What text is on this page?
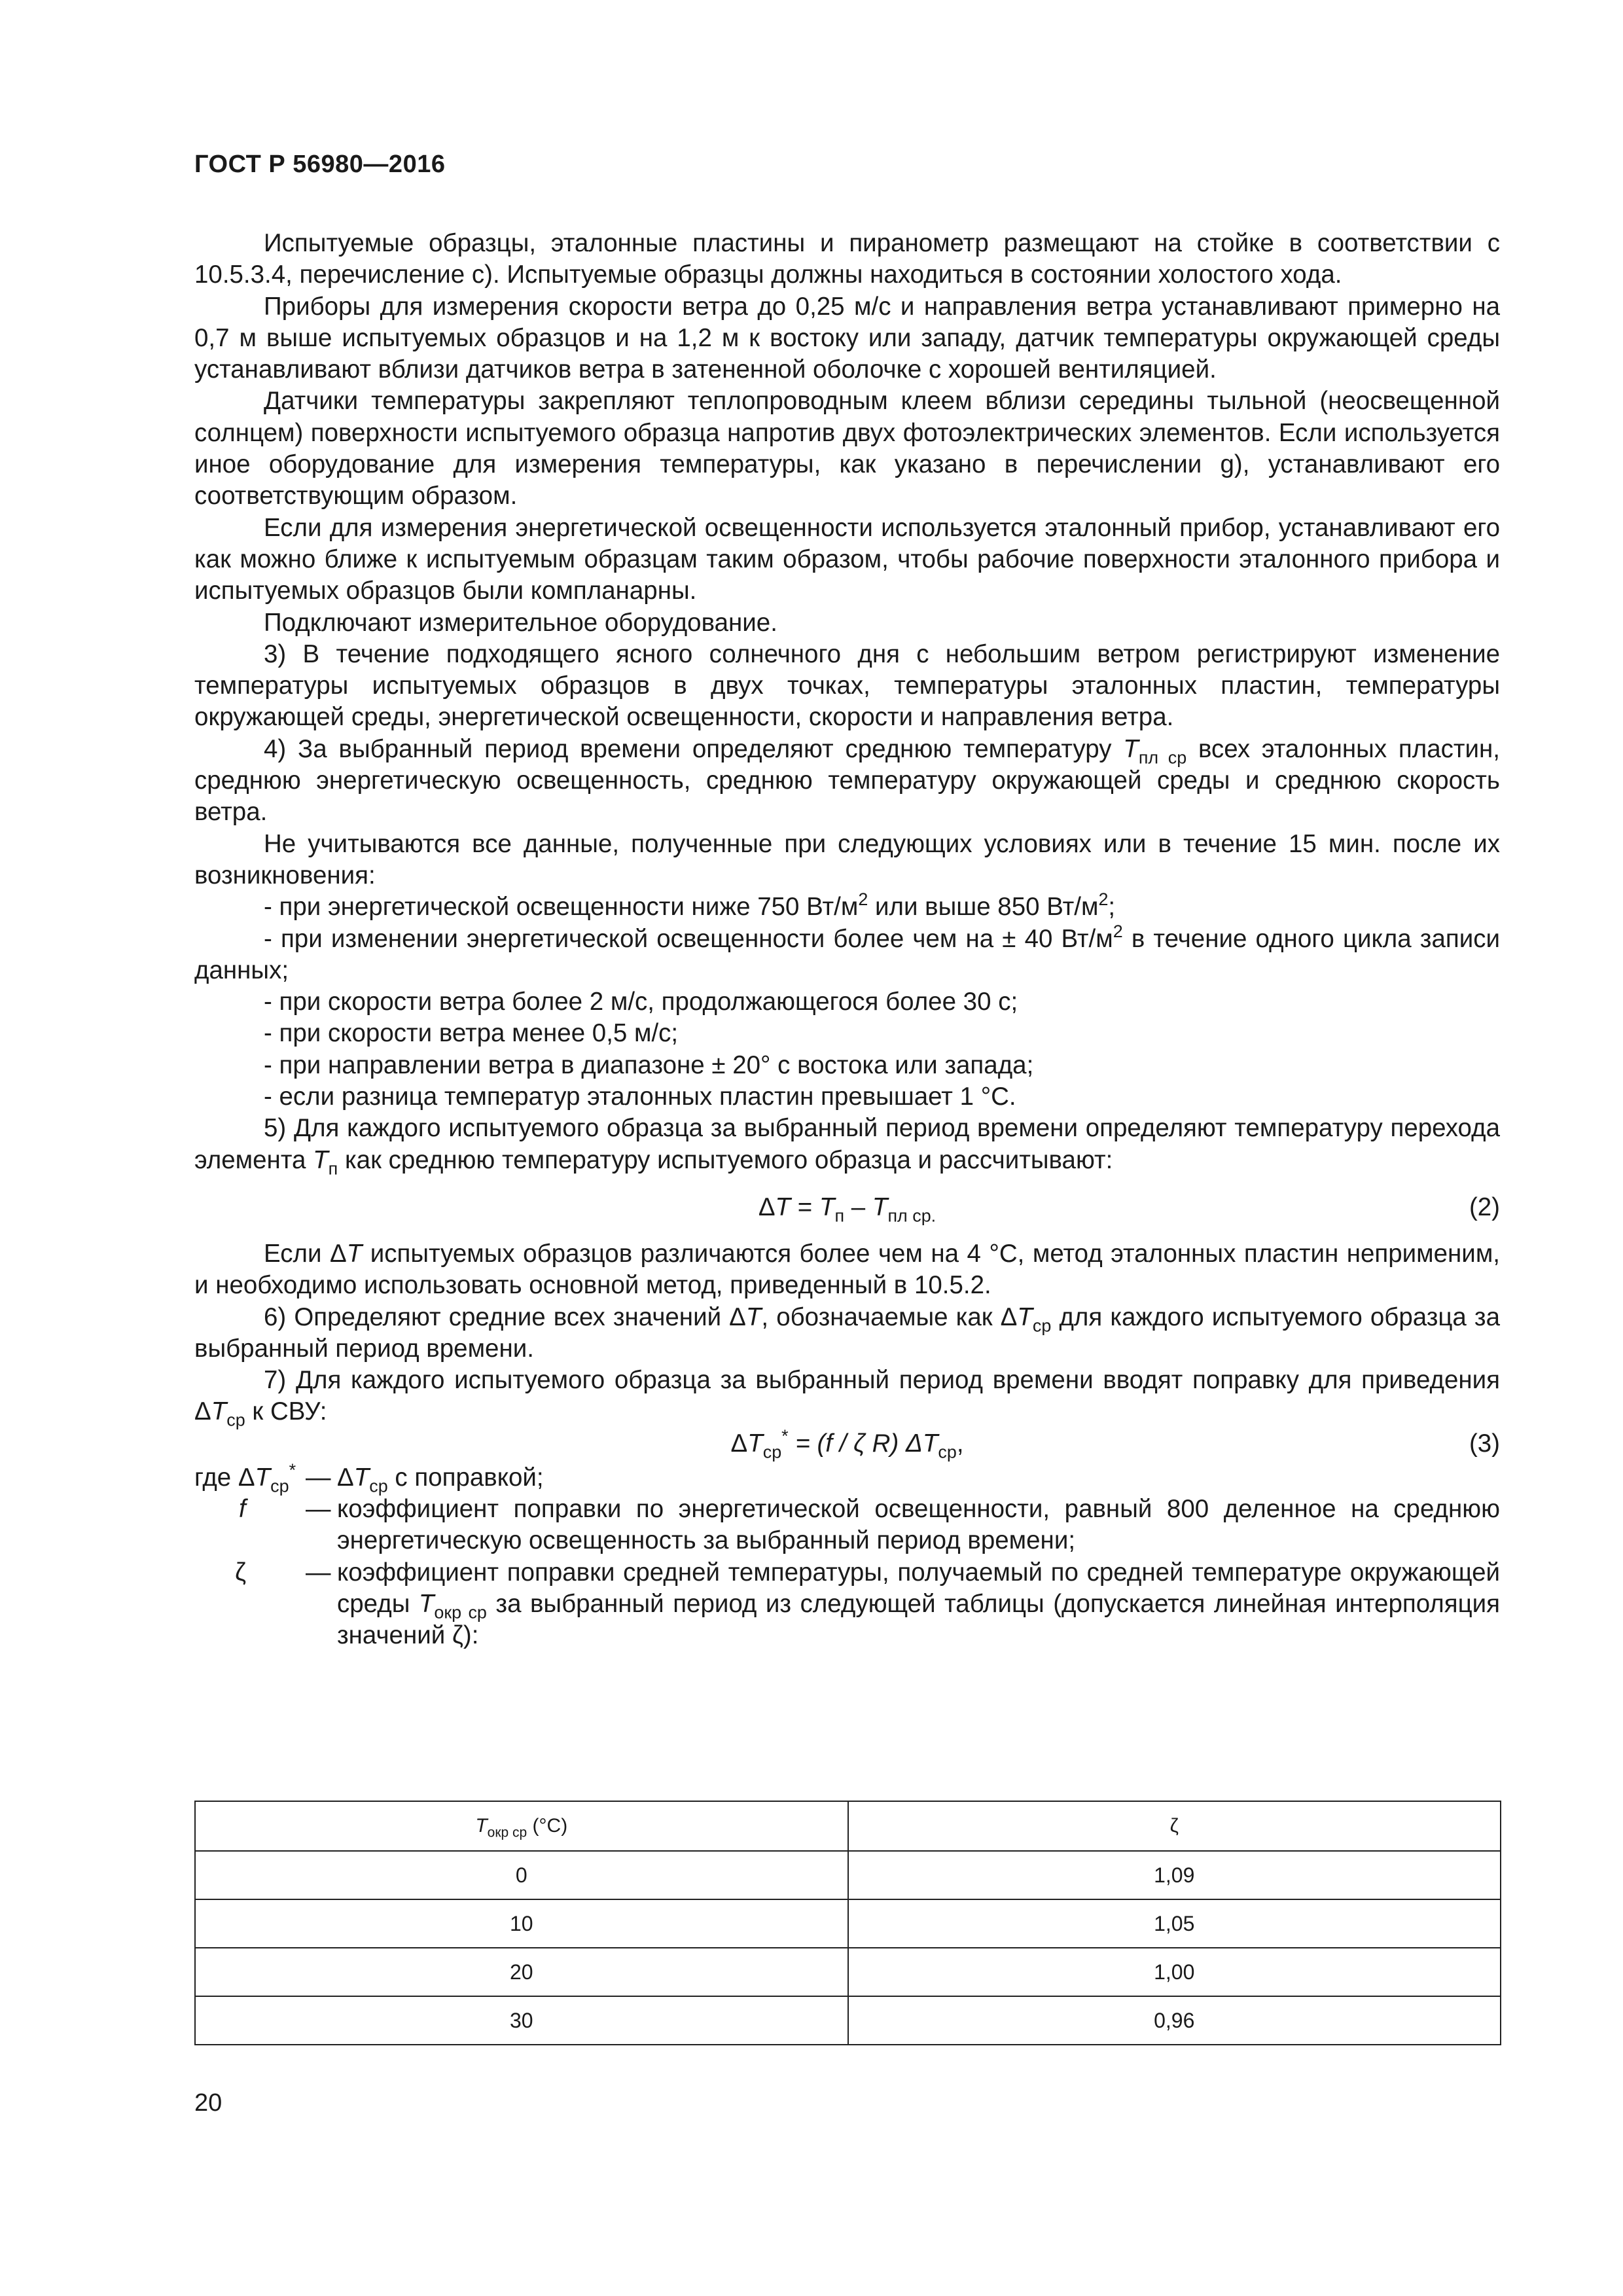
ГОСТ Р 56980—2016

Испытуемые образцы, эталонные пластины и пиранометр размещают на стойке в соответствии с 10.5.3.4, перечисление с). Испытуемые образцы должны находиться в состоянии холостого хода.

Приборы для измерения скорости ветра до 0,25 м/с и направления ветра устанавливают примерно на 0,7 м выше испытуемых образцов и на 1,2 м к востоку или западу, датчик температуры окружающей среды устанавливают вблизи датчиков ветра в затененной оболочке с хорошей вентиляцией.

Датчики температуры закрепляют теплопроводным клеем вблизи середины тыльной (неосвещенной солнцем) поверхности испытуемого образца напротив двух фотоэлектрических элементов. Если используется иное оборудование для измерения температуры, как указано в перечислении g), устанавливают его соответствующим образом.

Если для измерения энергетической освещенности используется эталонный прибор, устанавливают его как можно ближе к испытуемым образцам таким образом, чтобы рабочие поверхности эталонного прибора и испытуемых образцов были компланарны.

Подключают измерительное оборудование.

3) В течение подходящего ясного солнечного дня с небольшим ветром регистрируют изменение температуры испытуемых образцов в двух точках, температуры эталонных пластин, температуры окружающей среды, энергетической освещенности, скорости и направления ветра.

4) За выбранный период времени определяют среднюю температуру $T_{пл ср}$ всех эталонных пластин, среднюю энергетическую освещенность, среднюю температуру окружающей среды и среднюю скорость ветра.

Не учитываются все данные, полученные при следующих условиях или в течение 15 мин. после их возникновения:

- при энергетической освещенности ниже 750 $Вт/м^2$ или выше 850 $Вт/м^2$;

- при изменении энергетической освещенности более чем на ± 40 $Вт/м^2$ в течение одного цикла записи данных;

- при скорости ветра более 2 м/с, продолжающегося более 30 с;

- при скорости ветра менее 0,5 м/с;

- при направлении ветра в диапазоне ± 20° с востока или запада;

- если разница температур эталонных пластин превышает 1 °С.

5) Для каждого испытуемого образца за выбранный период времени определяют температуру перехода элемента $T_п$ как среднюю температуру испытуемого образца и рассчитывают:

$\Delta T = T_п - T_{пл ср.}$	(2)

Если ΔT испытуемых образцов различаются более чем на 4 °С, метод эталонных пластин неприменим, и необходимо использовать основной метод, приведенный в 10.5.2.

6) Определяют средние всех значений ΔT, обозначаемые как $\Delta T_{ср}$ для каждого испытуемого образца за выбранный период времени.

7) Для каждого испытуемого образца за выбранный период времени вводят поправку для приведения $\Delta T_{ср}$ к СВУ:

$\Delta T_{ср}^* = (f / \zeta$ R) $\Delta T_{ср}$,	(3)
где $\Delta T_{ср}^*$ — $\Delta T_{ср}$ с поправкой;
f	— коэффициент поправки по энергетической освещенности, равный 800 деленное на среднюю энергетическую освещенность за выбранный период времени;
ζ	— коэффициент поправки средней температуры, получаемый по средней температуре окружающей среды $T_{окр ср}$ за выбранный период из следующей таблицы (допускается линейная интерполяция значений ζ):
$T_{окр ср}$ (°С)	ζ
0	1,09
10	1,05
20	1,00
30	0,96
20
